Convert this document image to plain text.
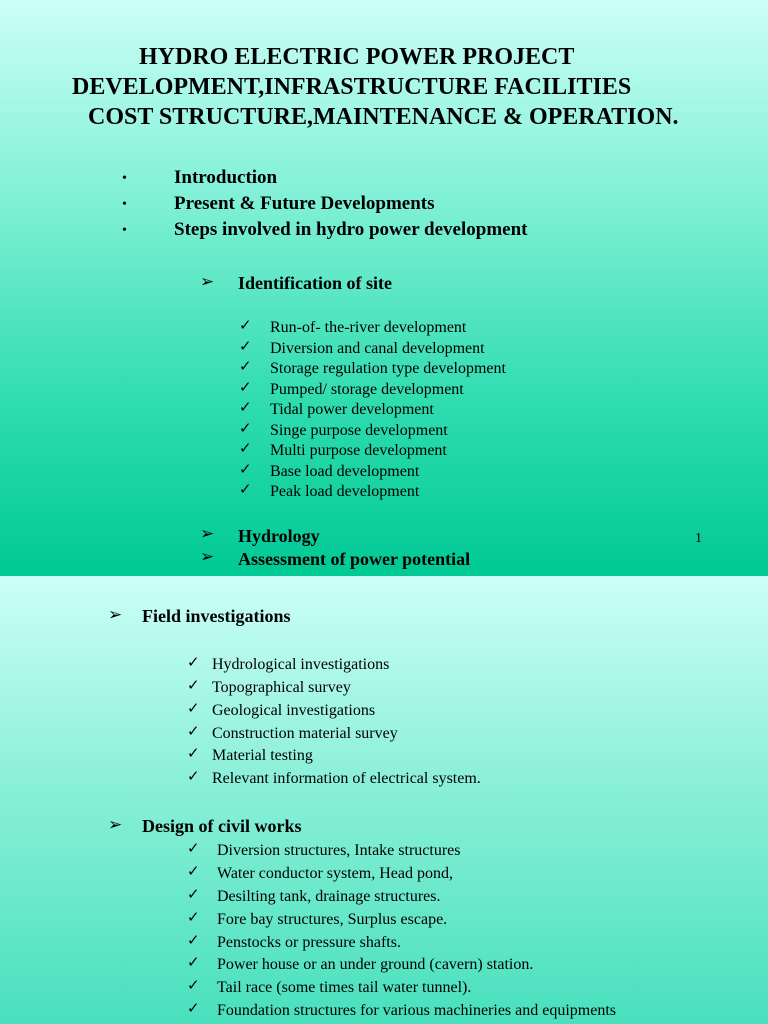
HYDRO ELECTRIC POWER PROJECT
DEVELOPMENT,INFRASTRUCTURE FACILITIES
COST STRUCTURE,MAINTENANCE & OPERATION.
• Introduction
• Present & Future Developments
• Steps involved in hydro power development
➢ Identification of site
✓ Run-of- the-river development
✓ Diversion and canal development
✓ Storage regulation type development
✓ Pumped/ storage development
✓ Tidal power development
✓ Singe purpose development
✓ Multi purpose development
✓ Base load development
✓ Peak load development
➢ Hydrology
➢ Assessment of power potential
1
➢ Field investigations
✓ Hydrological investigations
✓ Topographical survey
✓ Geological investigations
✓ Construction material survey
✓ Material testing
✓ Relevant information of electrical system.
➢ Design of civil works
✓ Diversion structures, Intake structures
✓ Water conductor system, Head pond,
✓ Desilting tank, drainage structures.
✓ Fore bay structures, Surplus escape.
✓ Penstocks or pressure shafts.
✓ Power house or an under ground (cavern) station.
✓ Tail race (some times tail water tunnel).
✓ Foundation structures for various machineries and equipments
